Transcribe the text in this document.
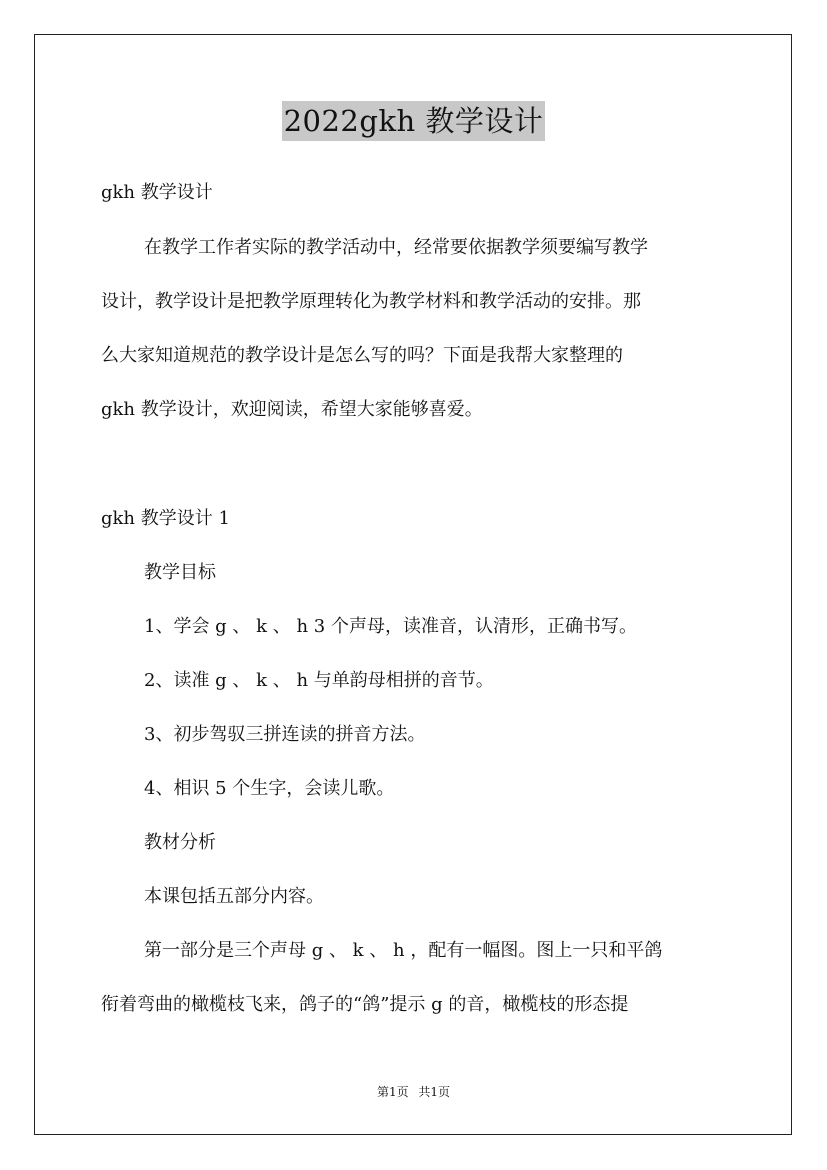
2022gkh 教学设计
gkh 教学设计
在教学工作者实际的教学活动中，经常要依据教学须要编写教学
设计，教学设计是把教学原理转化为教学材料和教学活动的安排。那
么大家知道规范的教学设计是怎么写的吗？下面是我帮大家整理的
gkh 教学设计，欢迎阅读，希望大家能够喜爱。
gkh 教学设计 1
教学目标
1、学会 g 、 k 、 h 3 个声母，读准音，认清形，正确书写。
2、读准 g 、 k 、 h 与单韵母相拼的音节。
3、初步驾驭三拼连读的拼音方法。
4、相识 5 个生字，会读儿歌。
教材分析
本课包括五部分内容。
第一部分是三个声母 g 、 k 、 h ，配有一幅图。图上一只和平鸽
衔着弯曲的橄榄枝飞来，鸽子的“鸽”提示 g 的音，橄榄枝的形态提
第1页 共1页
